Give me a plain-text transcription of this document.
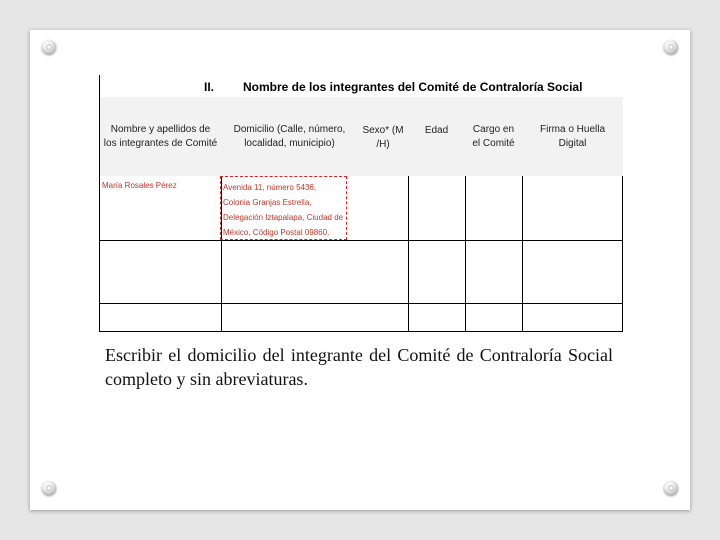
II. Nombre de los integrantes del Comité de Contraloría Social
Nombre y apellidos de los integrantes de Comité
Domicilio (Calle, número, localidad, municipio)
Sexo* (M /H)
Edad	Cargo en el Comité
Firma o Huella Digital
María Rosales Pérez	Avenida 11, número 5436, Colonia Granjas Estrella, Delegación Iztapalapa, Ciudad de México, Código Postal 09860.
Escribir el domicilio del integrante del Comité de Contraloría Social completo y sin abreviaturas.
